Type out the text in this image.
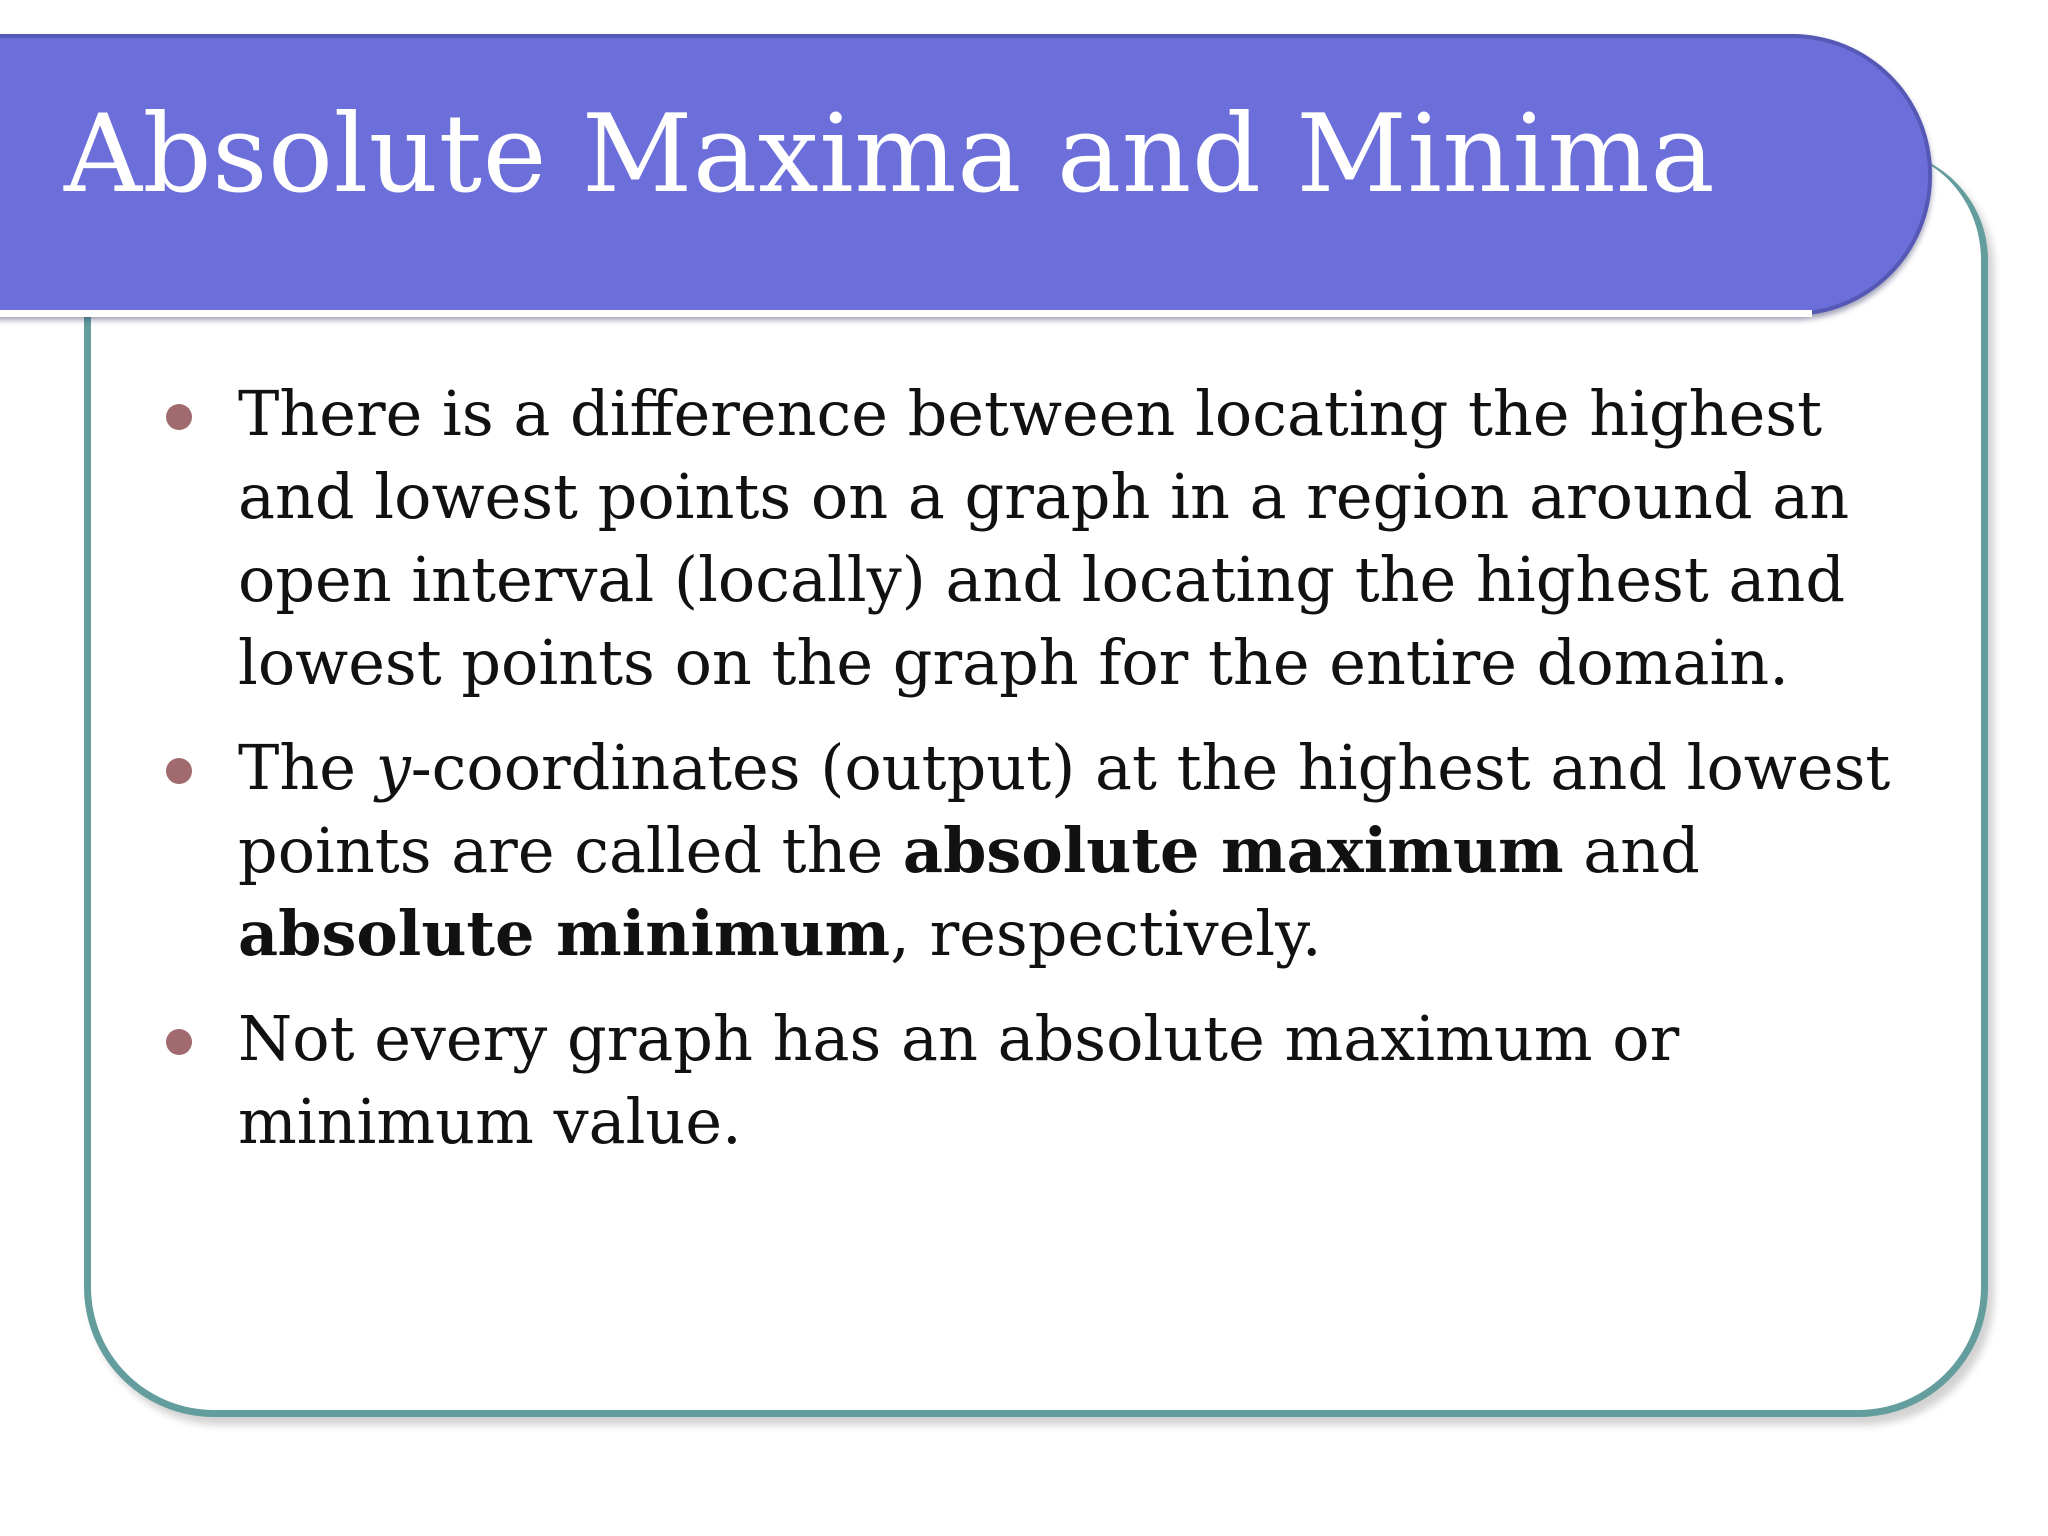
Absolute Maxima and Minima
There is a difference between locating the highest and lowest points on a graph in a region around an open interval (locally) and locating the highest and lowest points on the graph for the entire domain.
The y-coordinates (output) at the highest and lowest points are called the absolute maximum and absolute minimum, respectively.
Not every graph has an absolute maximum or minimum value.
